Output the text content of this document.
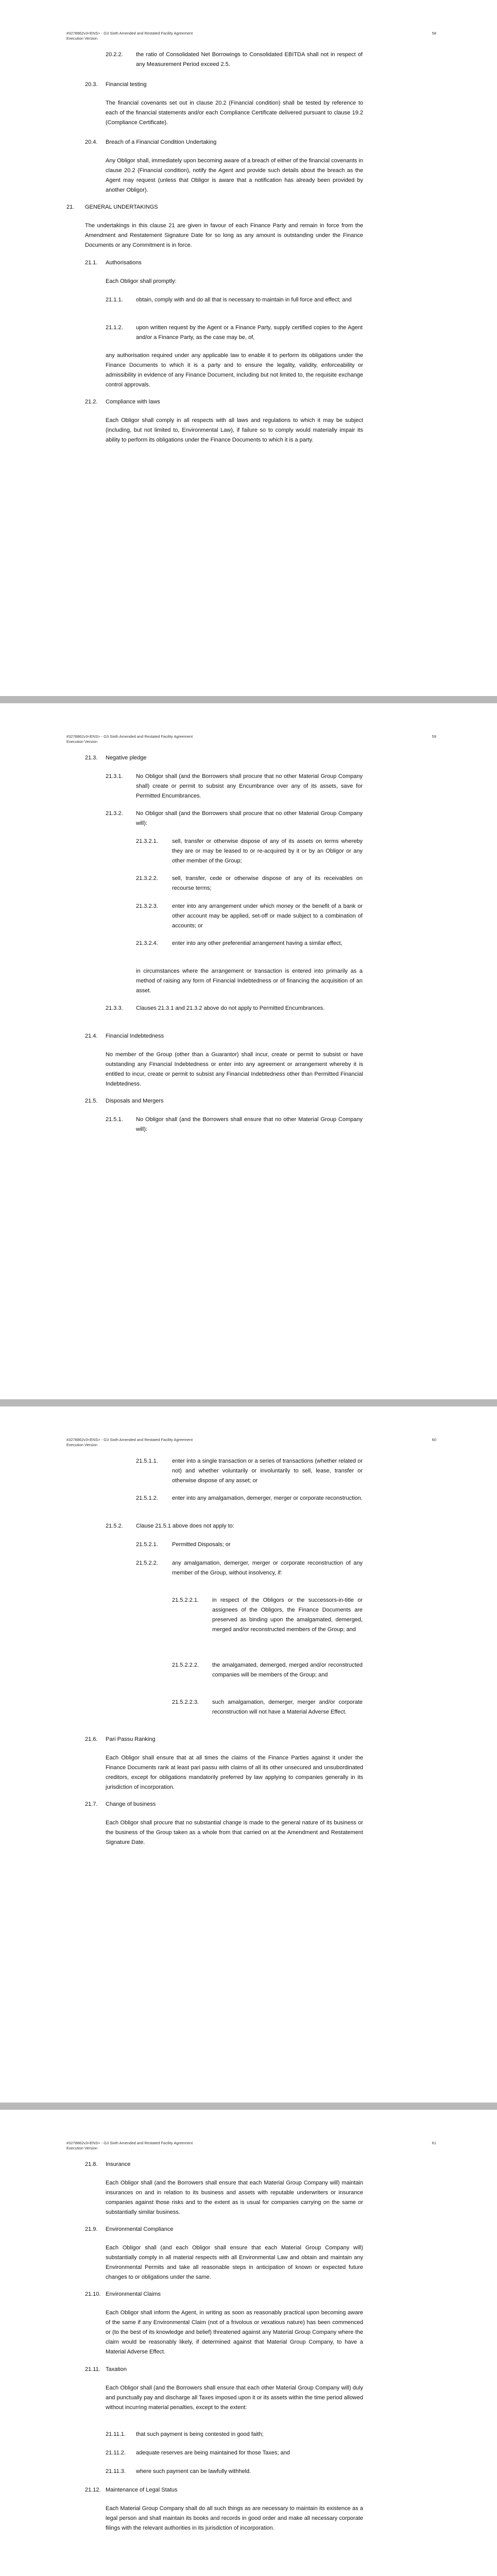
#3278862v3<ENS> - G3 Sixth Amended and Restated Facility Agreement
Execution Version
58
20.2.2. the ratio of Consolidated Net Borrowings to Consolidated EBITDA shall not in respect of any Measurement Period exceed 2.5.
20.3. Financial testing
The financial covenants set out in clause 20.2 (Financial condition) shall be tested by reference to each of the financial statements and/or each Compliance Certificate delivered pursuant to clause 19.2 (Compliance Certificate).
20.4. Breach of a Financial Condition Undertaking
Any Obligor shall, immediately upon becoming aware of a breach of either of the financial covenants in clause 20.2 (Financial condition), notify the Agent and provide such details about the breach as the Agent may request (unless that Obligor is aware that a notification has already been provided by another Obligor).
21. GENERAL UNDERTAKINGS
The undertakings in this clause 21 are given in favour of each Finance Party and remain in force from the Amendment and Restatement Signature Date for so long as any amount is outstanding under the Finance Documents or any Commitment is in force.
21.1. Authorisations
Each Obligor shall promptly:
21.1.1. obtain, comply with and do all that is necessary to maintain in full force and effect; and
21.1.2. upon written request by the Agent or a Finance Party, supply certified copies to the Agent and/or a Finance Party, as the case may be, of,
any authorisation required under any applicable law to enable it to perform its obligations under the Finance Documents to which it is a party and to ensure the legality, validity, enforceability or admissibility in evidence of any Finance Document, including but not limited to, the requisite exchange control approvals.
21.2. Compliance with laws
Each Obligor shall comply in all respects with all laws and regulations to which it may be subject (including, but not limited to, Environmental Law), if failure so to comply would materially impair its ability to perform its obligations under the Finance Documents to which it is a party.
#3278862v3<ENS> - G3 Sixth Amended and Restated Facility Agreement
Execution Version
59
21.3. Negative pledge
21.3.1. No Obligor shall (and the Borrowers shall procure that no other Material Group Company shall) create or permit to subsist any Encumbrance over any of its assets, save for Permitted Encumbrances.
21.3.2. No Obligor shall (and the Borrowers shall procure that no other Material Group Company will):
21.3.2.1. sell, transfer or otherwise dispose of any of its assets on terms whereby they are or may be leased to or re-acquired by it or by an Obligor or any other member of the Group;
21.3.2.2. sell, transfer, cede or otherwise dispose of any of its receivables on recourse terms;
21.3.2.3. enter into any arrangement under which money or the benefit of a bank or other account may be applied, set-off or made subject to a combination of accounts; or
21.3.2.4. enter into any other preferential arrangement having a similar effect,
in circumstances where the arrangement or transaction is entered into primarily as a method of raising any form of Financial Indebtedness or of financing the acquisition of an asset.
21.3.3. Clauses 21.3.1 and 21.3.2 above do not apply to Permitted Encumbrances.
21.4. Financial Indebtedness
No member of the Group (other than a Guarantor) shall incur, create or permit to subsist or have outstanding any Financial Indebtedness or enter into any agreement or arrangement whereby it is entitled to incur, create or permit to subsist any Financial Indebtedness other than Permitted Financial Indebtedness.
21.5. Disposals and Mergers
21.5.1. No Obligor shall (and the Borrowers shall ensure that no other Material Group Company will):
#3278862v3<ENS> - G3 Sixth Amended and Restated Facility Agreement
Execution Version
60
21.5.1.1. enter into a single transaction or a series of transactions (whether related or not) and whether voluntarily or involuntarily to sell, lease, transfer or otherwise dispose of any asset; or
21.5.1.2. enter into any amalgamation, demerger, merger or corporate reconstruction.
21.5.2. Clause 21.5.1 above does not apply to:
21.5.2.1. Permitted Disposals; or
21.5.2.2. any amalgamation, demerger, merger or corporate reconstruction of any member of the Group, without insolvency, if:
21.5.2.2.1. in respect of the Obligors or the successors-in-title or assignees of the Obligors, the Finance Documents are preserved as binding upon the amalgamated, demerged, merged and/or reconstructed members of the Group; and
21.5.2.2.2. the amalgamated, demerged, merged and/or reconstructed companies will be members of the Group; and
21.5.2.2.3. such amalgamation, demerger, merger and/or corporate reconstruction will not have a Material Adverse Effect.
21.6. Pari Passu Ranking
Each Obligor shall ensure that at all times the claims of the Finance Parties against it under the Finance Documents rank at least pari passu with claims of all its other unsecured and unsubordinated creditors, except for obligations mandatorily preferred by law applying to companies generally in its jurisdiction of incorporation.
21.7. Change of business
Each Obligor shall procure that no substantial change is made to the general nature of its business or the business of the Group taken as a whole from that carried on at the Amendment and Restatement Signature Date.
#3278862v3<ENS> - G3 Sixth Amended and Restated Facility Agreement
Execution Version
61
21.8. Insurance
Each Obligor shall (and the Borrowers shall ensure that each Material Group Company will) maintain insurances on and in relation to its business and assets with reputable underwriters or insurance companies against those risks and to the extent as is usual for companies carrying on the same or substantially similar business.
21.9. Environmental Compliance
Each Obligor shall (and each Obligor shall ensure that each Material Group Company will) substantially comply in all material respects with all Environmental Law and obtain and maintain any Environmental Permits and take all reasonable steps in anticipation of known or expected future changes to or obligations under the same.
21.10. Environmental Claims
Each Obligor shall inform the Agent, in writing as soon as reasonably practical upon becoming aware of the same if any Environmental Claim (not of a frivolous or vexatious nature) has been commenced or (to the best of its knowledge and belief) threatened against any Material Group Company where the claim would be reasonably likely, if determined against that Material Group Company, to have a Material Adverse Effect.
21.11. Taxation
Each Obligor shall (and the Borrowers shall ensure that each other Material Group Company will) duly and punctually pay and discharge all Taxes imposed upon it or its assets within the time period allowed without incurring material penalties, except to the extent:
21.11.1. that such payment is being contested in good faith;
21.11.2. adequate reserves are being maintained for those Taxes; and
21.11.3. where such payment can be lawfully withheld.
21.12. Maintenance of Legal Status
Each Material Group Company shall do all such things as are necessary to maintain its existence as a legal person and shall maintain its books and records in good order and make all necessary corporate filings with the relevant authorities in its jurisdiction of incorporation.
